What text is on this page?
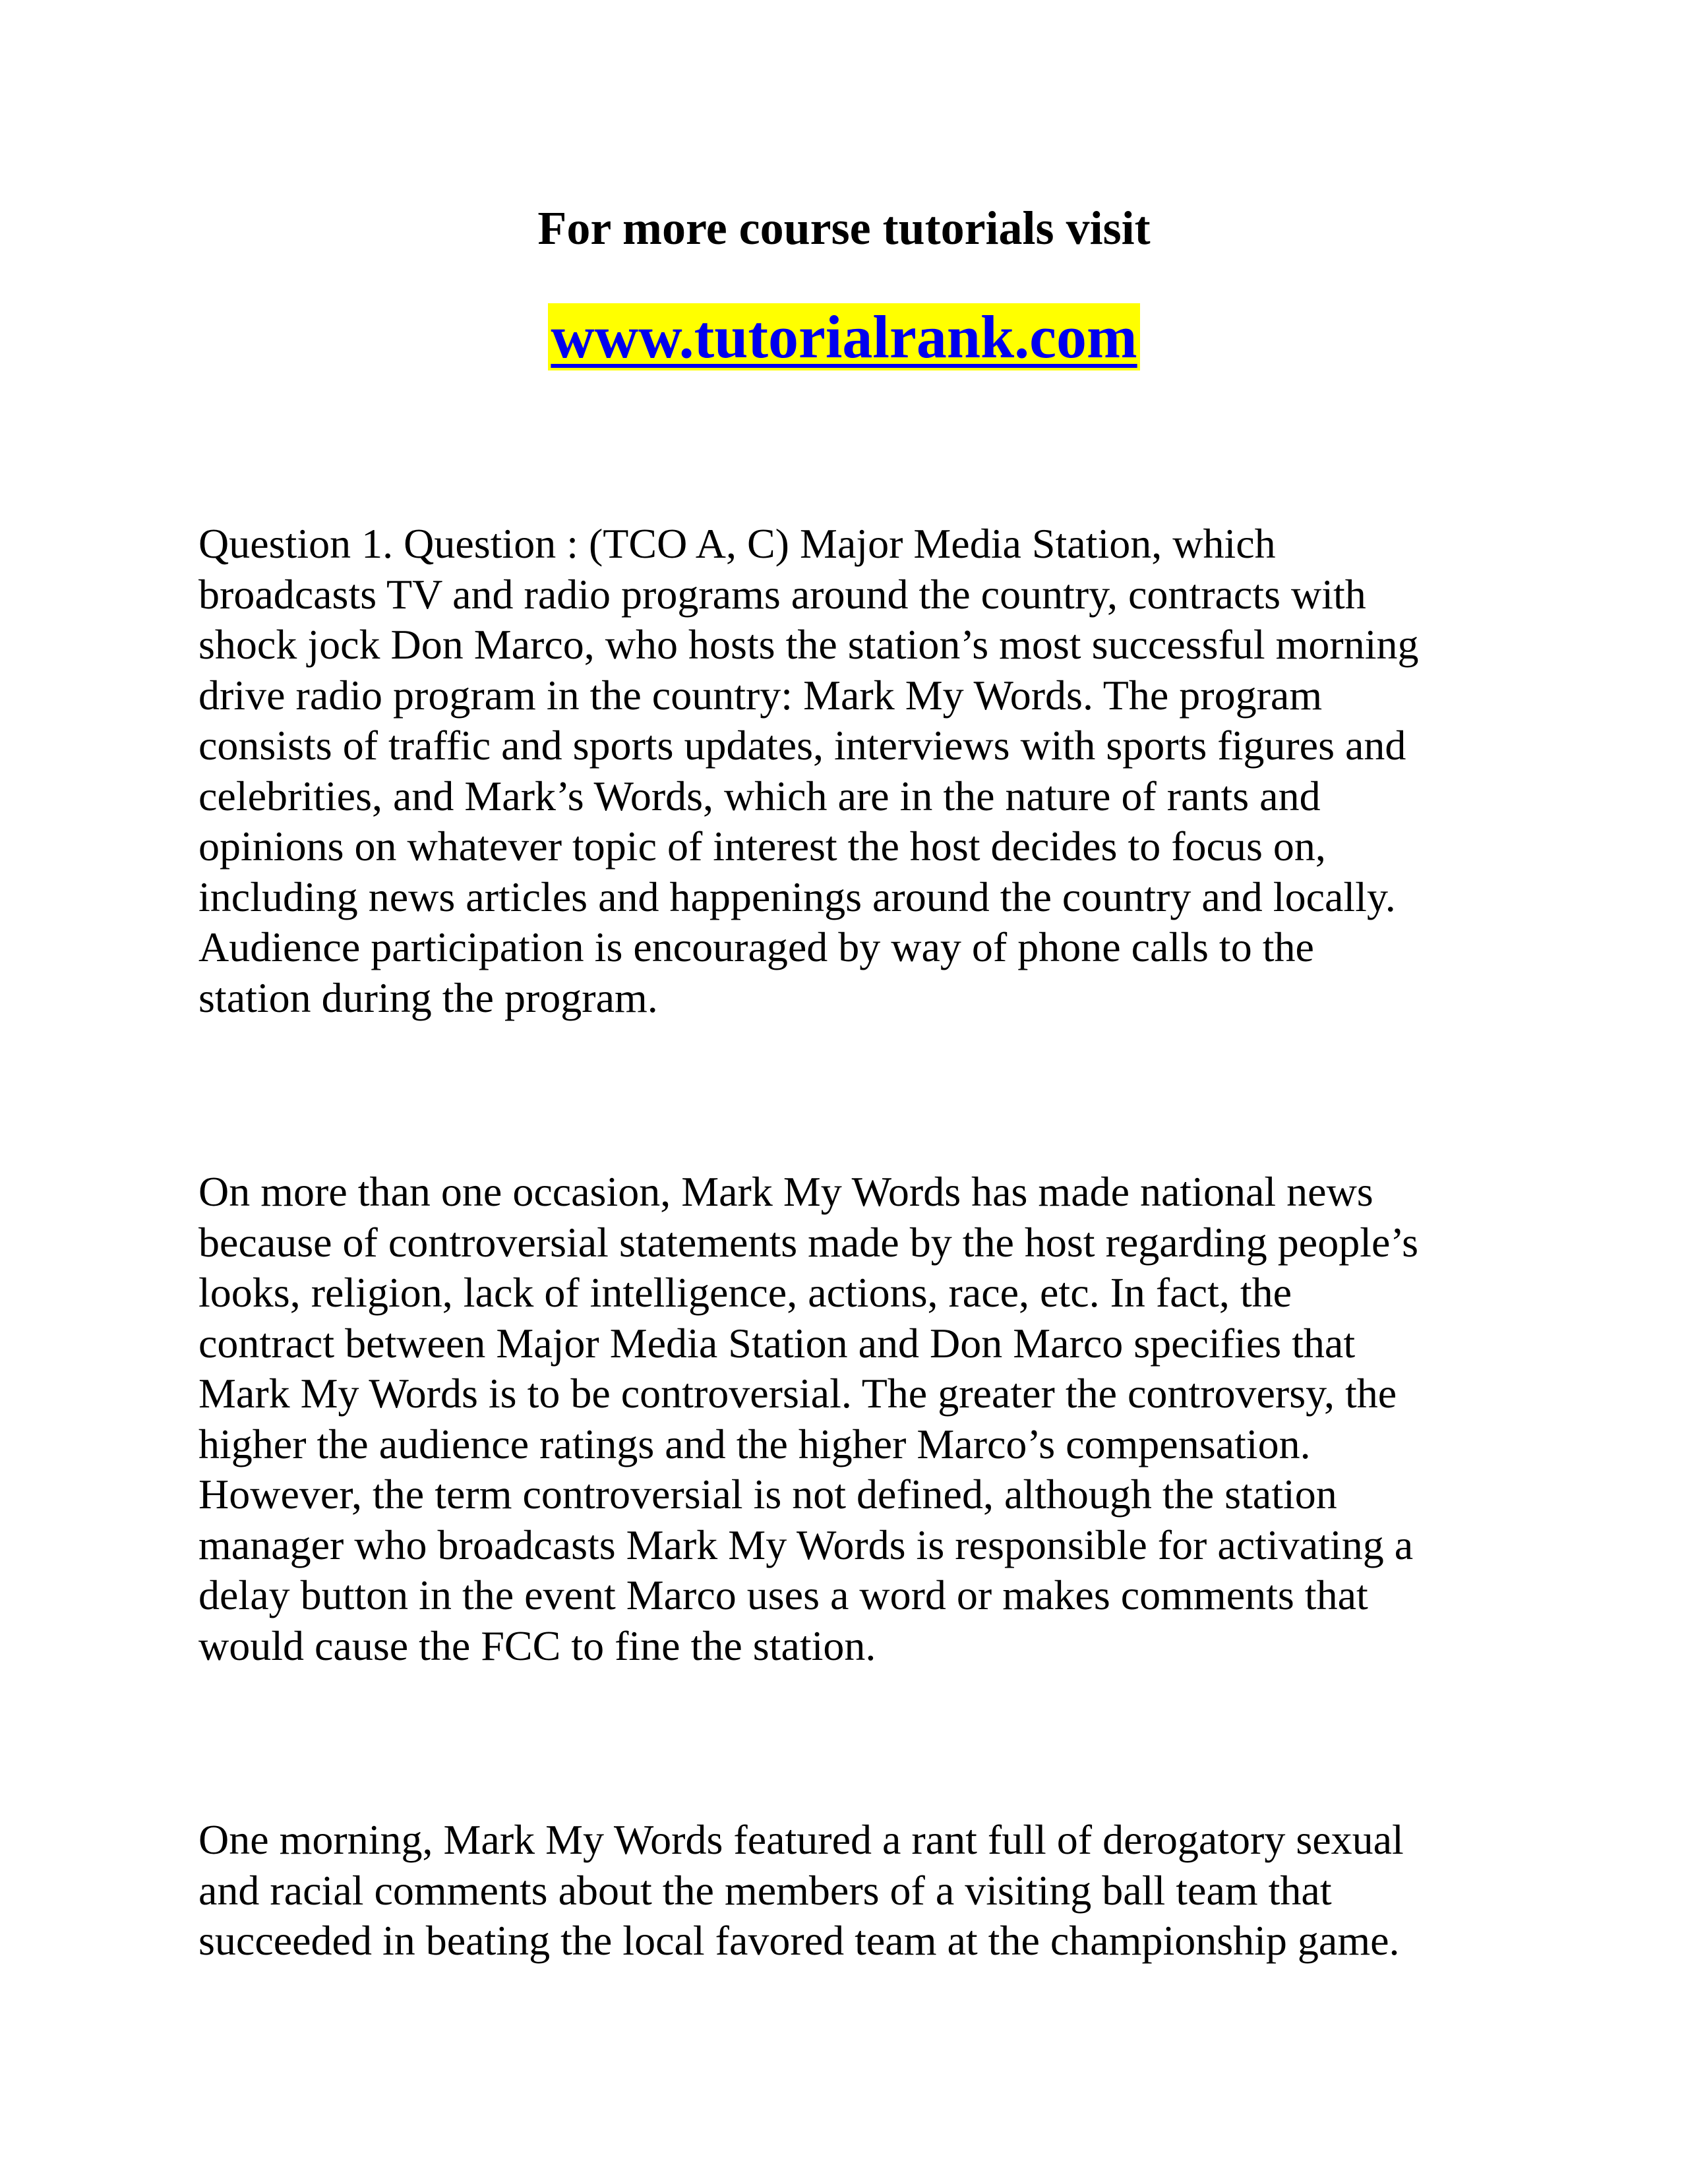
For more course tutorials visit
www.tutorialrank.com

Question 1. Question : (TCO A, C) Major Media Station, which
broadcasts TV and radio programs around the country, contracts with
shock jock Don Marco, who hosts the station’s most successful morning
drive radio program in the country: Mark My Words. The program
consists of traffic and sports updates, interviews with sports figures and
celebrities, and Mark’s Words, which are in the nature of rants and
opinions on whatever topic of interest the host decides to focus on,
including news articles and happenings around the country and locally.
Audience participation is encouraged by way of phone calls to the
station during the program.

On more than one occasion, Mark My Words has made national news
because of controversial statements made by the host regarding people’s
looks, religion, lack of intelligence, actions, race, etc. In fact, the
contract between Major Media Station and Don Marco specifies that
Mark My Words is to be controversial. The greater the controversy, the
higher the audience ratings and the higher Marco’s compensation.
However, the term controversial is not defined, although the station
manager who broadcasts Mark My Words is responsible for activating a
delay button in the event Marco uses a word or makes comments that
would cause the FCC to fine the station.

One morning, Mark My Words featured a rant full of derogatory sexual
and racial comments about the members of a visiting ball team that
succeeded in beating the local favored team at the championship game.
